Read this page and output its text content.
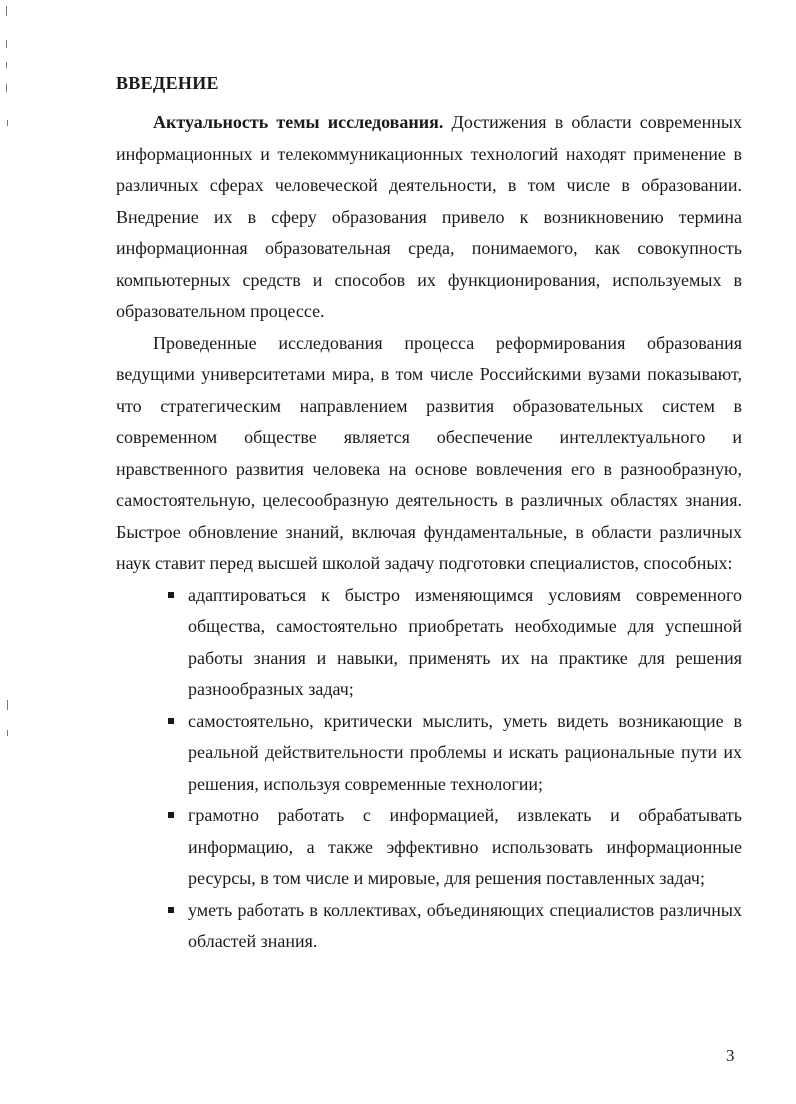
ВВЕДЕНИЕ

Актуальность темы исследования. Достижения в области современных информационных и телекоммуникационных технологий находят применение в различных сферах человеческой деятельности, в том числе в образовании. Внедрение их в сферу образования привело к возникновению термина информационная образовательная среда, понимаемого, как совокупность компьютерных средств и способов их функционирования, используемых в образовательном процессе.

Проведенные исследования процесса реформирования образования ведущими университетами мира, в том числе Российскими вузами показывают, что стратегическим направлением развития образовательных систем в современном обществе является обеспечение интеллектуального и нравственного развития человека на основе вовлечения его в разнообразную, самостоятельную, целесообразную деятельность в различных областях знания. Быстрое обновление знаний, включая фундаментальные, в области различных наук ставит перед высшей школой задачу подготовки специалистов, способных:

адаптироваться к быстро изменяющимся условиям современного общества, самостоятельно приобретать необходимые для успешной работы знания и навыки, применять их на практике для решения разнообразных задач;
самостоятельно, критически мыслить, уметь видеть возникающие в реальной действительности проблемы и искать рациональные пути их решения, используя современные технологии;
грамотно работать с информацией, извлекать и обрабатывать информацию, а также эффективно использовать информационные ресурсы, в том числе и мировые, для решения поставленных задач;
уметь работать в коллективах, объединяющих специалистов различных областей знания.
3
